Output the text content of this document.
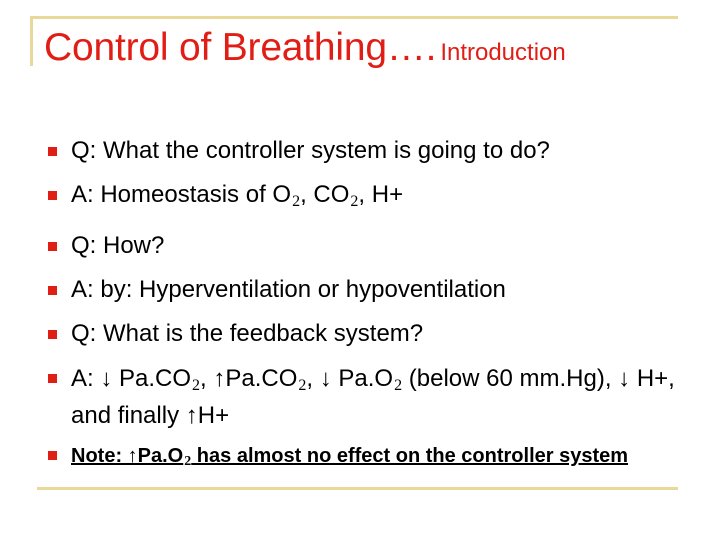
Control of Breathing…. Introduction
Q: What the controller system is going to do?
A: Homeostasis of $O_2$, $CO_2$, H+
Q: How?
A: by: Hyperventilation or hypoventilation
Q: What is the feedback system?
A: ↓ $Pa.CO_2$, $↑Pa.CO_2$, ↓ $Pa.O_2$ (below 60 mm.Hg), ↓ H+, and finally ↑H+
Note: $↑Pa.O_2$ has almost no effect on the controller system
